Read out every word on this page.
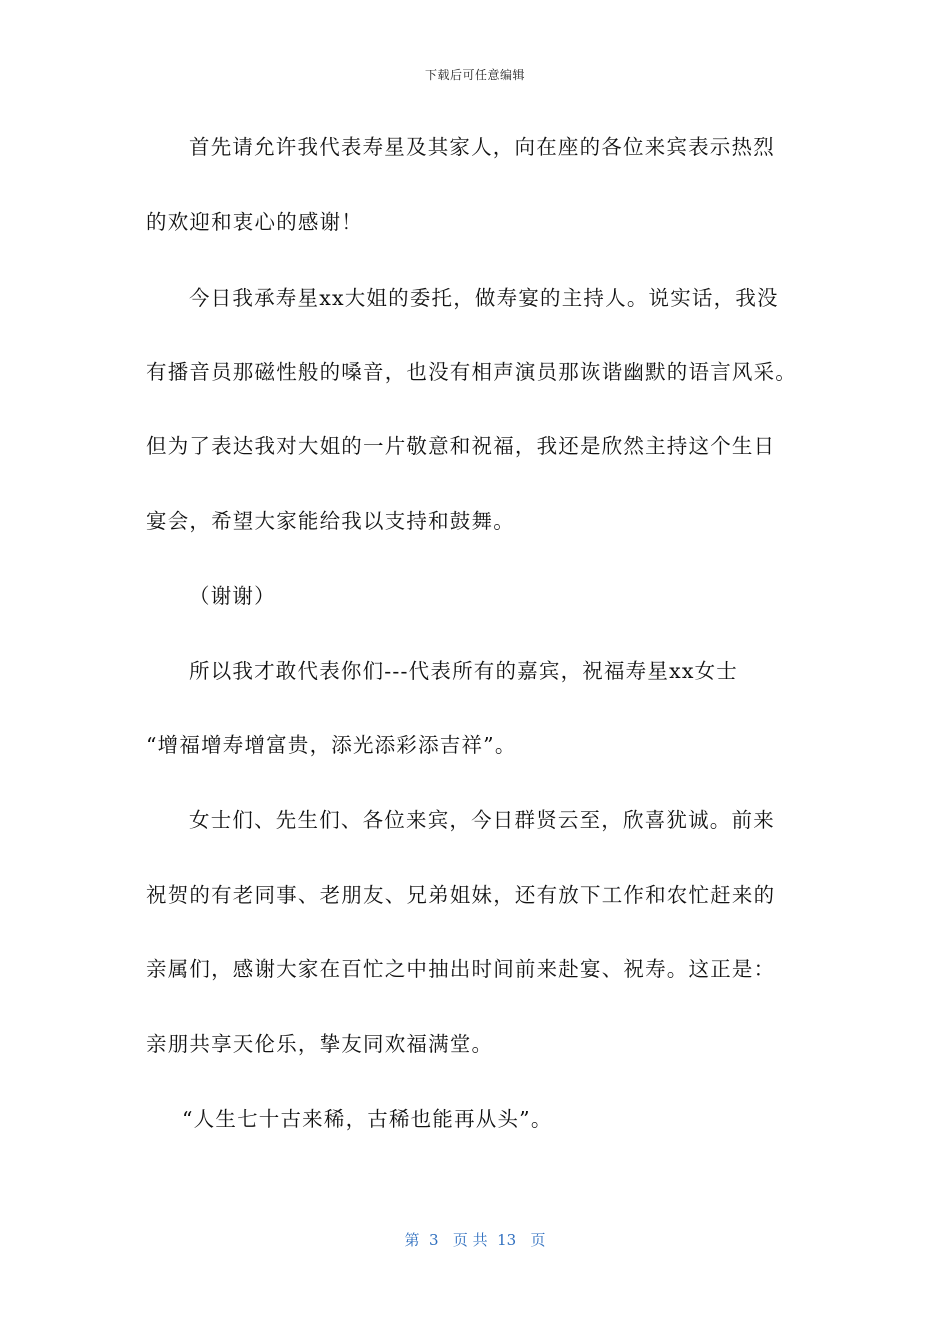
下载后可任意编辑
首先请允许我代表寿星及其家人，向在座的各位来宾表示热烈
的欢迎和衷心的感谢！
今日我承寿星xx大姐的委托，做寿宴的主持人。说实话，我没
有播音员那磁性般的嗓音，也没有相声演员那诙谐幽默的语言风采。
但为了表达我对大姐的一片敬意和祝福，我还是欣然主持这个生日
宴会，希望大家能给我以支持和鼓舞。
（谢谢）
所以我才敢代表你们---代表所有的嘉宾，祝福寿星xx女士
“增福增寿增富贵，添光添彩添吉祥”。
女士们、先生们、各位来宾，今日群贤云至，欣喜犹诚。前来
祝贺的有老同事、老朋友、兄弟姐妹，还有放下工作和农忙赶来的
亲属们，感谢大家在百忙之中抽出时间前来赴宴、祝寿。这正是：
亲朋共享天伦乐，挚友同欢福满堂。
“人生七十古来稀，古稀也能再从头”。
第  3   页 共  13   页
